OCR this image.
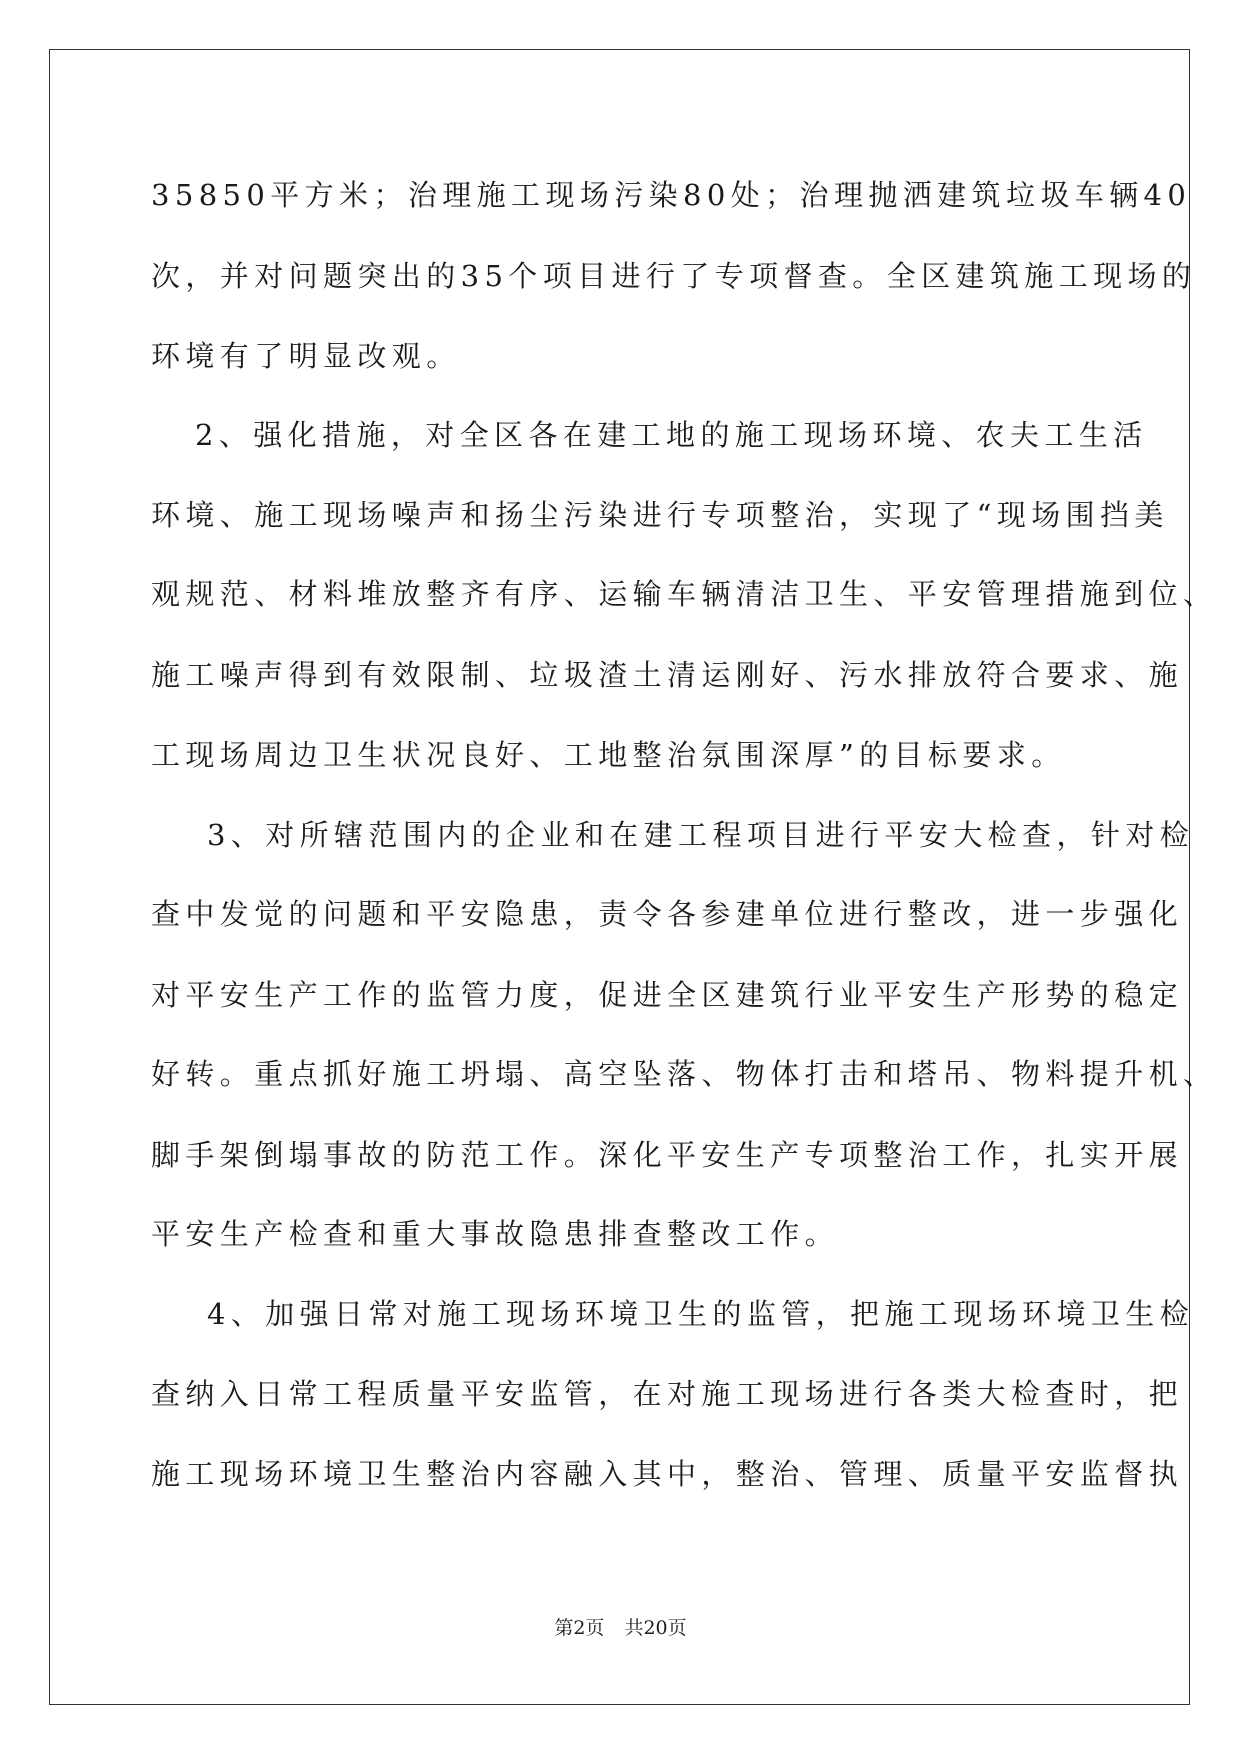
35850平方米；治理施工现场污染80处；治理抛洒建筑垃圾车辆40
次，并对问题突出的35个项目进行了专项督查。全区建筑施工现场的
环境有了明显改观。
2、强化措施，对全区各在建工地的施工现场环境、农夫工生活
环境、施工现场噪声和扬尘污染进行专项整治，实现了“现场围挡美
观规范、材料堆放整齐有序、运输车辆清洁卫生、平安管理措施到位、
施工噪声得到有效限制、垃圾渣土清运刚好、污水排放符合要求、施
工现场周边卫生状况良好、工地整治氛围深厚”的目标要求。
3、对所辖范围内的企业和在建工程项目进行平安大检查，针对检
查中发觉的问题和平安隐患，责令各参建单位进行整改，进一步强化
对平安生产工作的监管力度，促进全区建筑行业平安生产形势的稳定
好转。重点抓好施工坍塌、高空坠落、物体打击和塔吊、物料提升机、
脚手架倒塌事故的防范工作。深化平安生产专项整治工作，扎实开展
平安生产检查和重大事故隐患排查整改工作。
4、加强日常对施工现场环境卫生的监管，把施工现场环境卫生检
查纳入日常工程质量平安监管，在对施工现场进行各类大检查时，把
施工现场环境卫生整治内容融入其中，整治、管理、质量平安监督执
第2页 共20页
